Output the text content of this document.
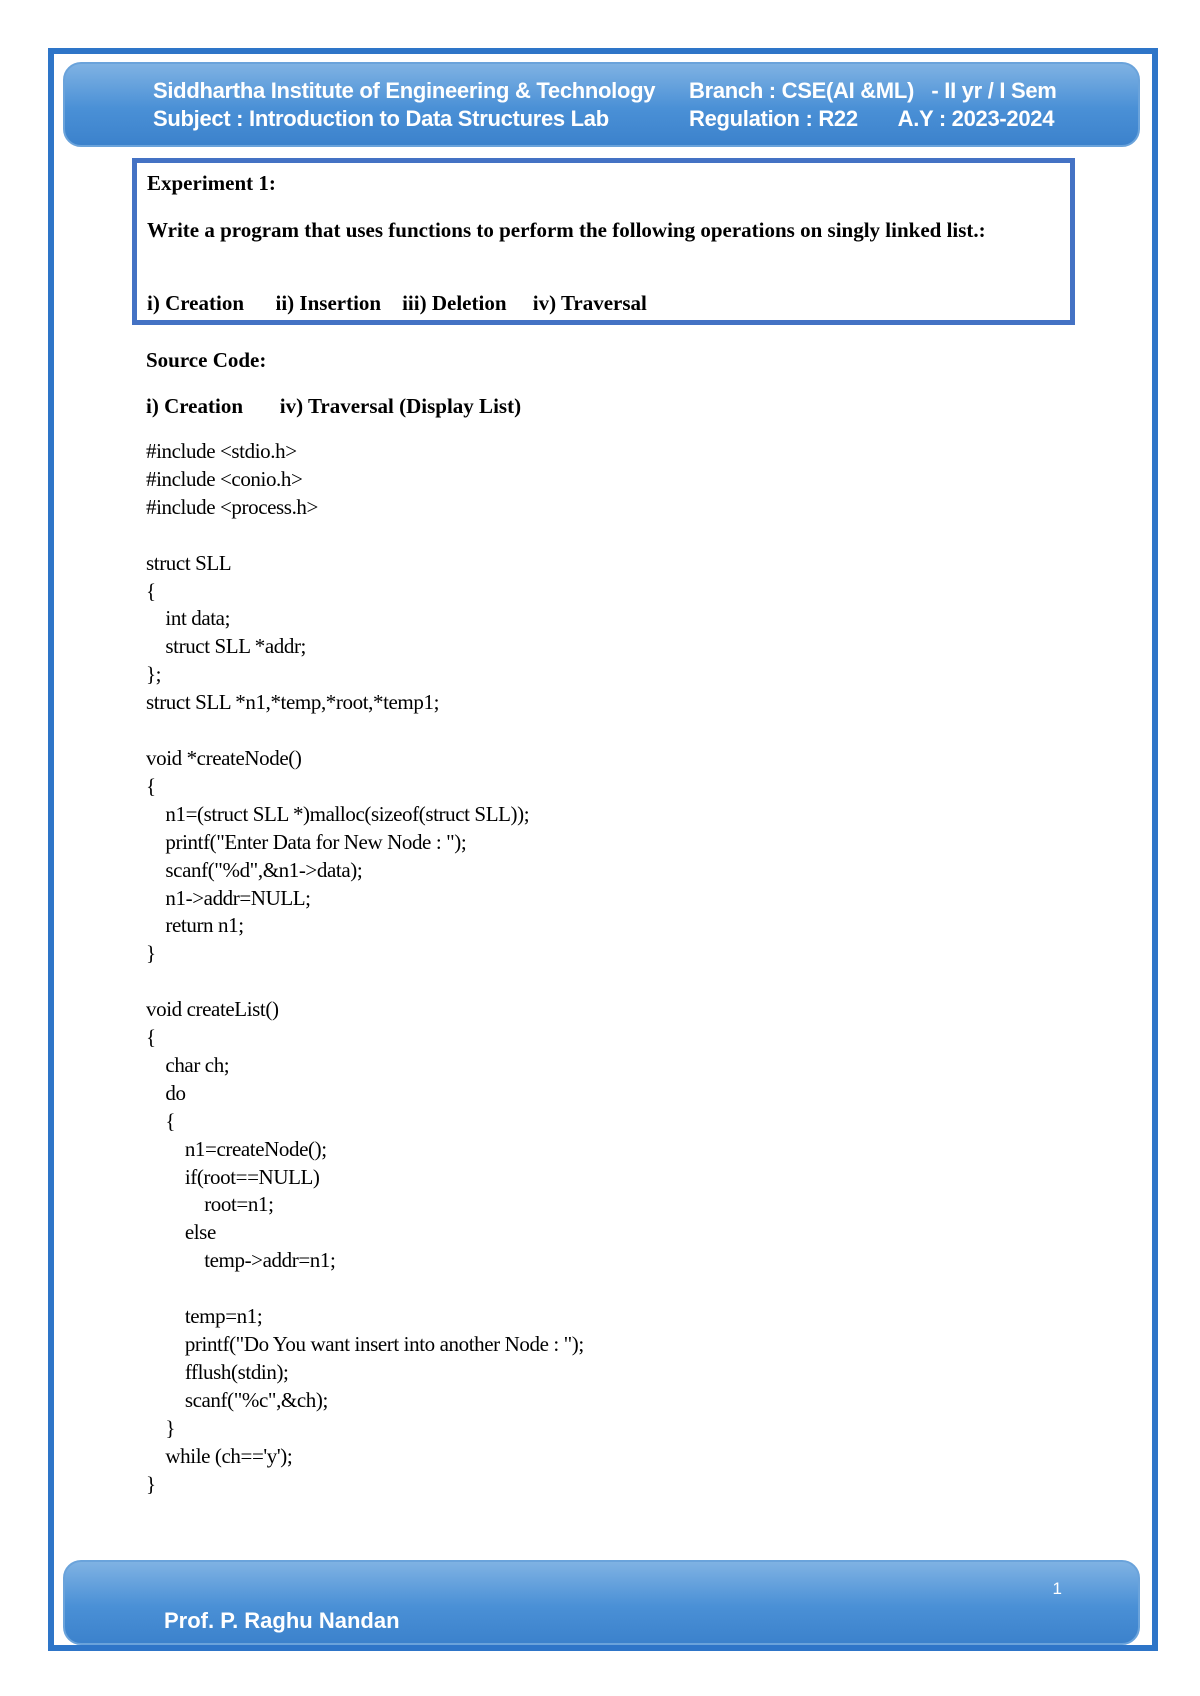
Siddhartha Institute of Engineering & Technology
Subject : Introduction to Data Structures Lab
Branch : CSE(AI &ML)   - II yr / I Sem
Regulation : R22       A.Y : 2023-2024
Experiment 1:
Write a program that uses functions to perform the following operations on singly linked list.:
i) Creation      ii) Insertion    iii) Deletion     iv) Traversal
Source Code:
i) Creation       iv) Traversal (Display List)
#include <stdio.h>
#include <conio.h>
#include <process.h>

struct SLL
{
	int data;
	struct SLL *addr;
};
struct SLL *n1,*temp,*root,*temp1;

void *createNode()
{
	n1=(struct SLL *)malloc(sizeof(struct SLL));
	printf("Enter Data for New Node : ");
	scanf("%d",&n1->data);
	n1->addr=NULL;
	return n1;
}

void createList()
{
	char ch;
	do
	{
		n1=createNode();
		if(root==NULL)
			root=n1;
		else
			temp->addr=n1;

		temp=n1;
		printf("Do You want insert into another Node : ");
		fflush(stdin);
		scanf("%c",&ch);
	}
	while (ch=='y');
}
1
Prof. P. Raghu Nandan
